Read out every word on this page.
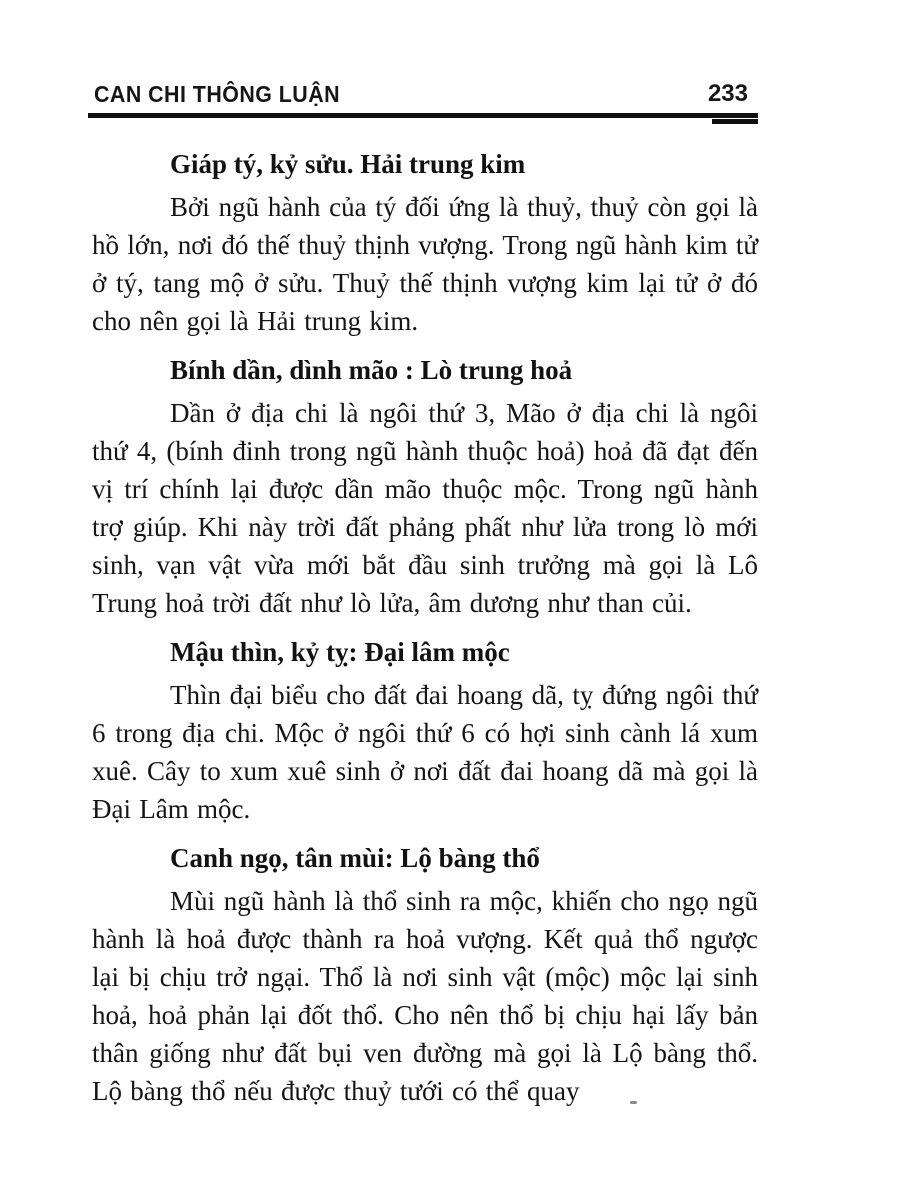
CAN CHI THÔNG LUẬN	233
Giáp tý, kỷ sửu. Hải trung kim

Bởi ngũ hành của tý đối ứng là thuỷ, thuỷ còn gọi là hồ lớn, nơi đó thế thuỷ thịnh vượng. Trong ngũ hành kim tử ở tý, tang mộ ở sửu. Thuỷ thế thịnh vượng kim lại tử ở đó cho nên gọi là Hải trung kim.

Bính dần, dình mão : Lò trung hoả

Dần ở địa chi là ngôi thứ 3, Mão ở địa chi là ngôi thứ 4, (bính đinh trong ngũ hành thuộc hoả) hoả đã đạt đến vị trí chính lại được dần mão thuộc mộc. Trong ngũ hành trợ giúp. Khi này trời đất phảng phất như lửa trong lò mới sinh, vạn vật vừa mới bắt đầu sinh trưởng mà gọi là Lô Trung hoả trời đất như lò lửa, âm dương như than củi.

Mậu thìn, kỷ tỵ: Đại lâm mộc

Thìn đại biểu cho đất đai hoang dã, tỵ đứng ngôi thứ 6 trong địa chi. Mộc ở ngôi thứ 6 có hợi sinh cành lá xum xuê. Cây to xum xuê sinh ở nơi đất đai hoang dã mà gọi là Đại Lâm mộc.

Canh ngọ, tân mùi: Lộ bàng thổ

Mùi ngũ hành là thổ sinh ra mộc, khiến cho ngọ ngũ hành là hoả được thành ra hoả vượng. Kết quả thổ ngược lại bị chịu trở ngại. Thổ là nơi sinh vật (mộc) mộc lại sinh hoả, hoả phản lại đốt thổ. Cho nên thổ bị chịu hại lấy bản thân giống như đất bụi ven đường mà gọi là Lộ bàng thổ. Lộ bàng thổ nếu được thuỷ tưới có thể quay
